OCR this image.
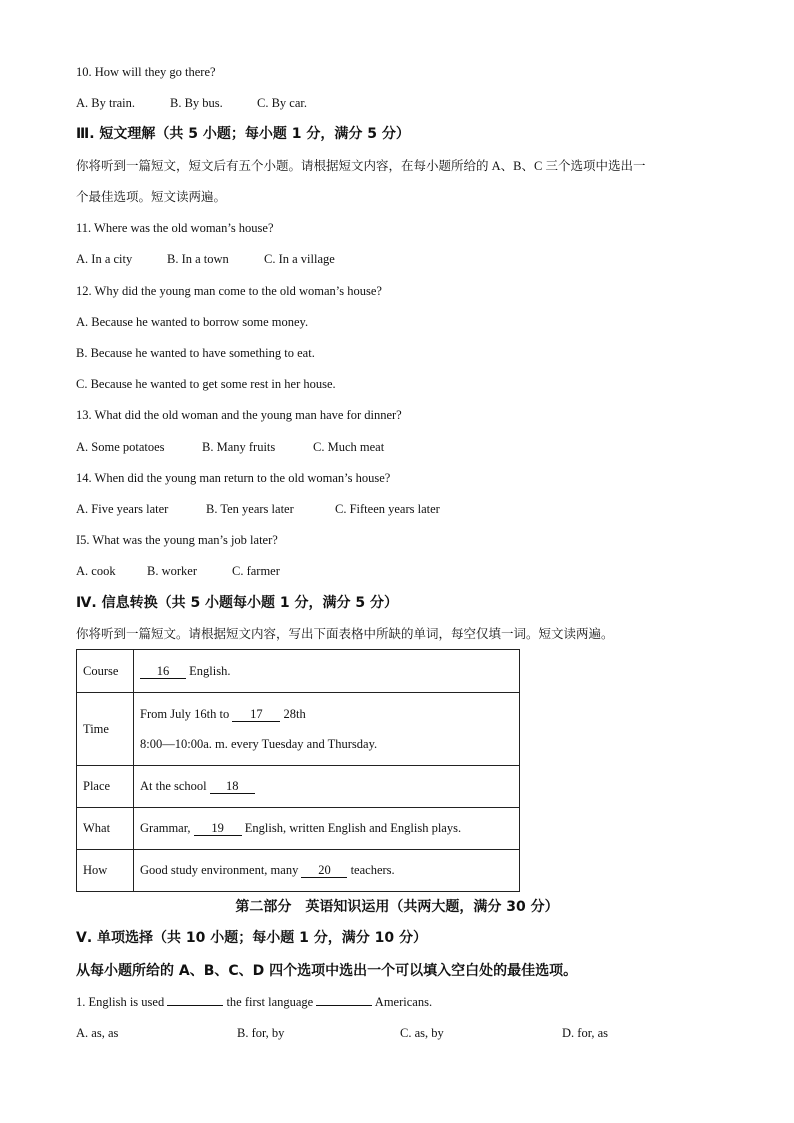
10. How will they go there?
A. By train.	B. By bus.	C. By car.
Ⅲ. 短文理解（共 5 小题；每小题 1 分，满分 5 分）
你将听到一篇短文，短文后有五个小题。请根据短文内容，在每小题所给的 A、B、C 三个选项中选出一
个最佳选项。短文读两遍。
11. Where was the old woman’s house?
A. In a city	B. In a town	C. In a village
12. Why did the young man come to the old woman’s house?
A. Because he wanted to borrow some money.
B. Because he wanted to have something to eat.
C. Because he wanted to get some rest in her house.
13. What did the old woman and the young man have for dinner?
A. Some potatoes	B. Many fruits	C. Much meat
14. When did the young man return to the old woman’s house?
A. Five years later	B. Ten years later	C. Fifteen years later
I5. What was the young man’s job later?
A. cook	B. worker	C. farmer
Ⅳ. 信息转换（共 5 小题每小题 1 分，满分 5 分）
你将听到一篇短文。请根据短文内容，写出下面表格中所缺的单词，每空仅填一词。短文读两遍。
Course	16 English.
Time	From July 16th to 17 28th
8:00—10:00a. m. every Tuesday and Thursday.

Place	At the school 18
What	Grammar, 19 English, written English and English plays.
How	Good study environment, many 20 teachers.
第二部分　英语知识运用（共两大题，满分 30 分）
Ⅴ. 单项选择（共 10 小题；每小题 1 分，满分 10 分）
从每小题所给的 A、B、C、D 四个选项中选出一个可以填入空白处的最佳选项。
1. English is used	the first language	Americans.
A. as, as	B. for, by	C. as, by	D. for, as
